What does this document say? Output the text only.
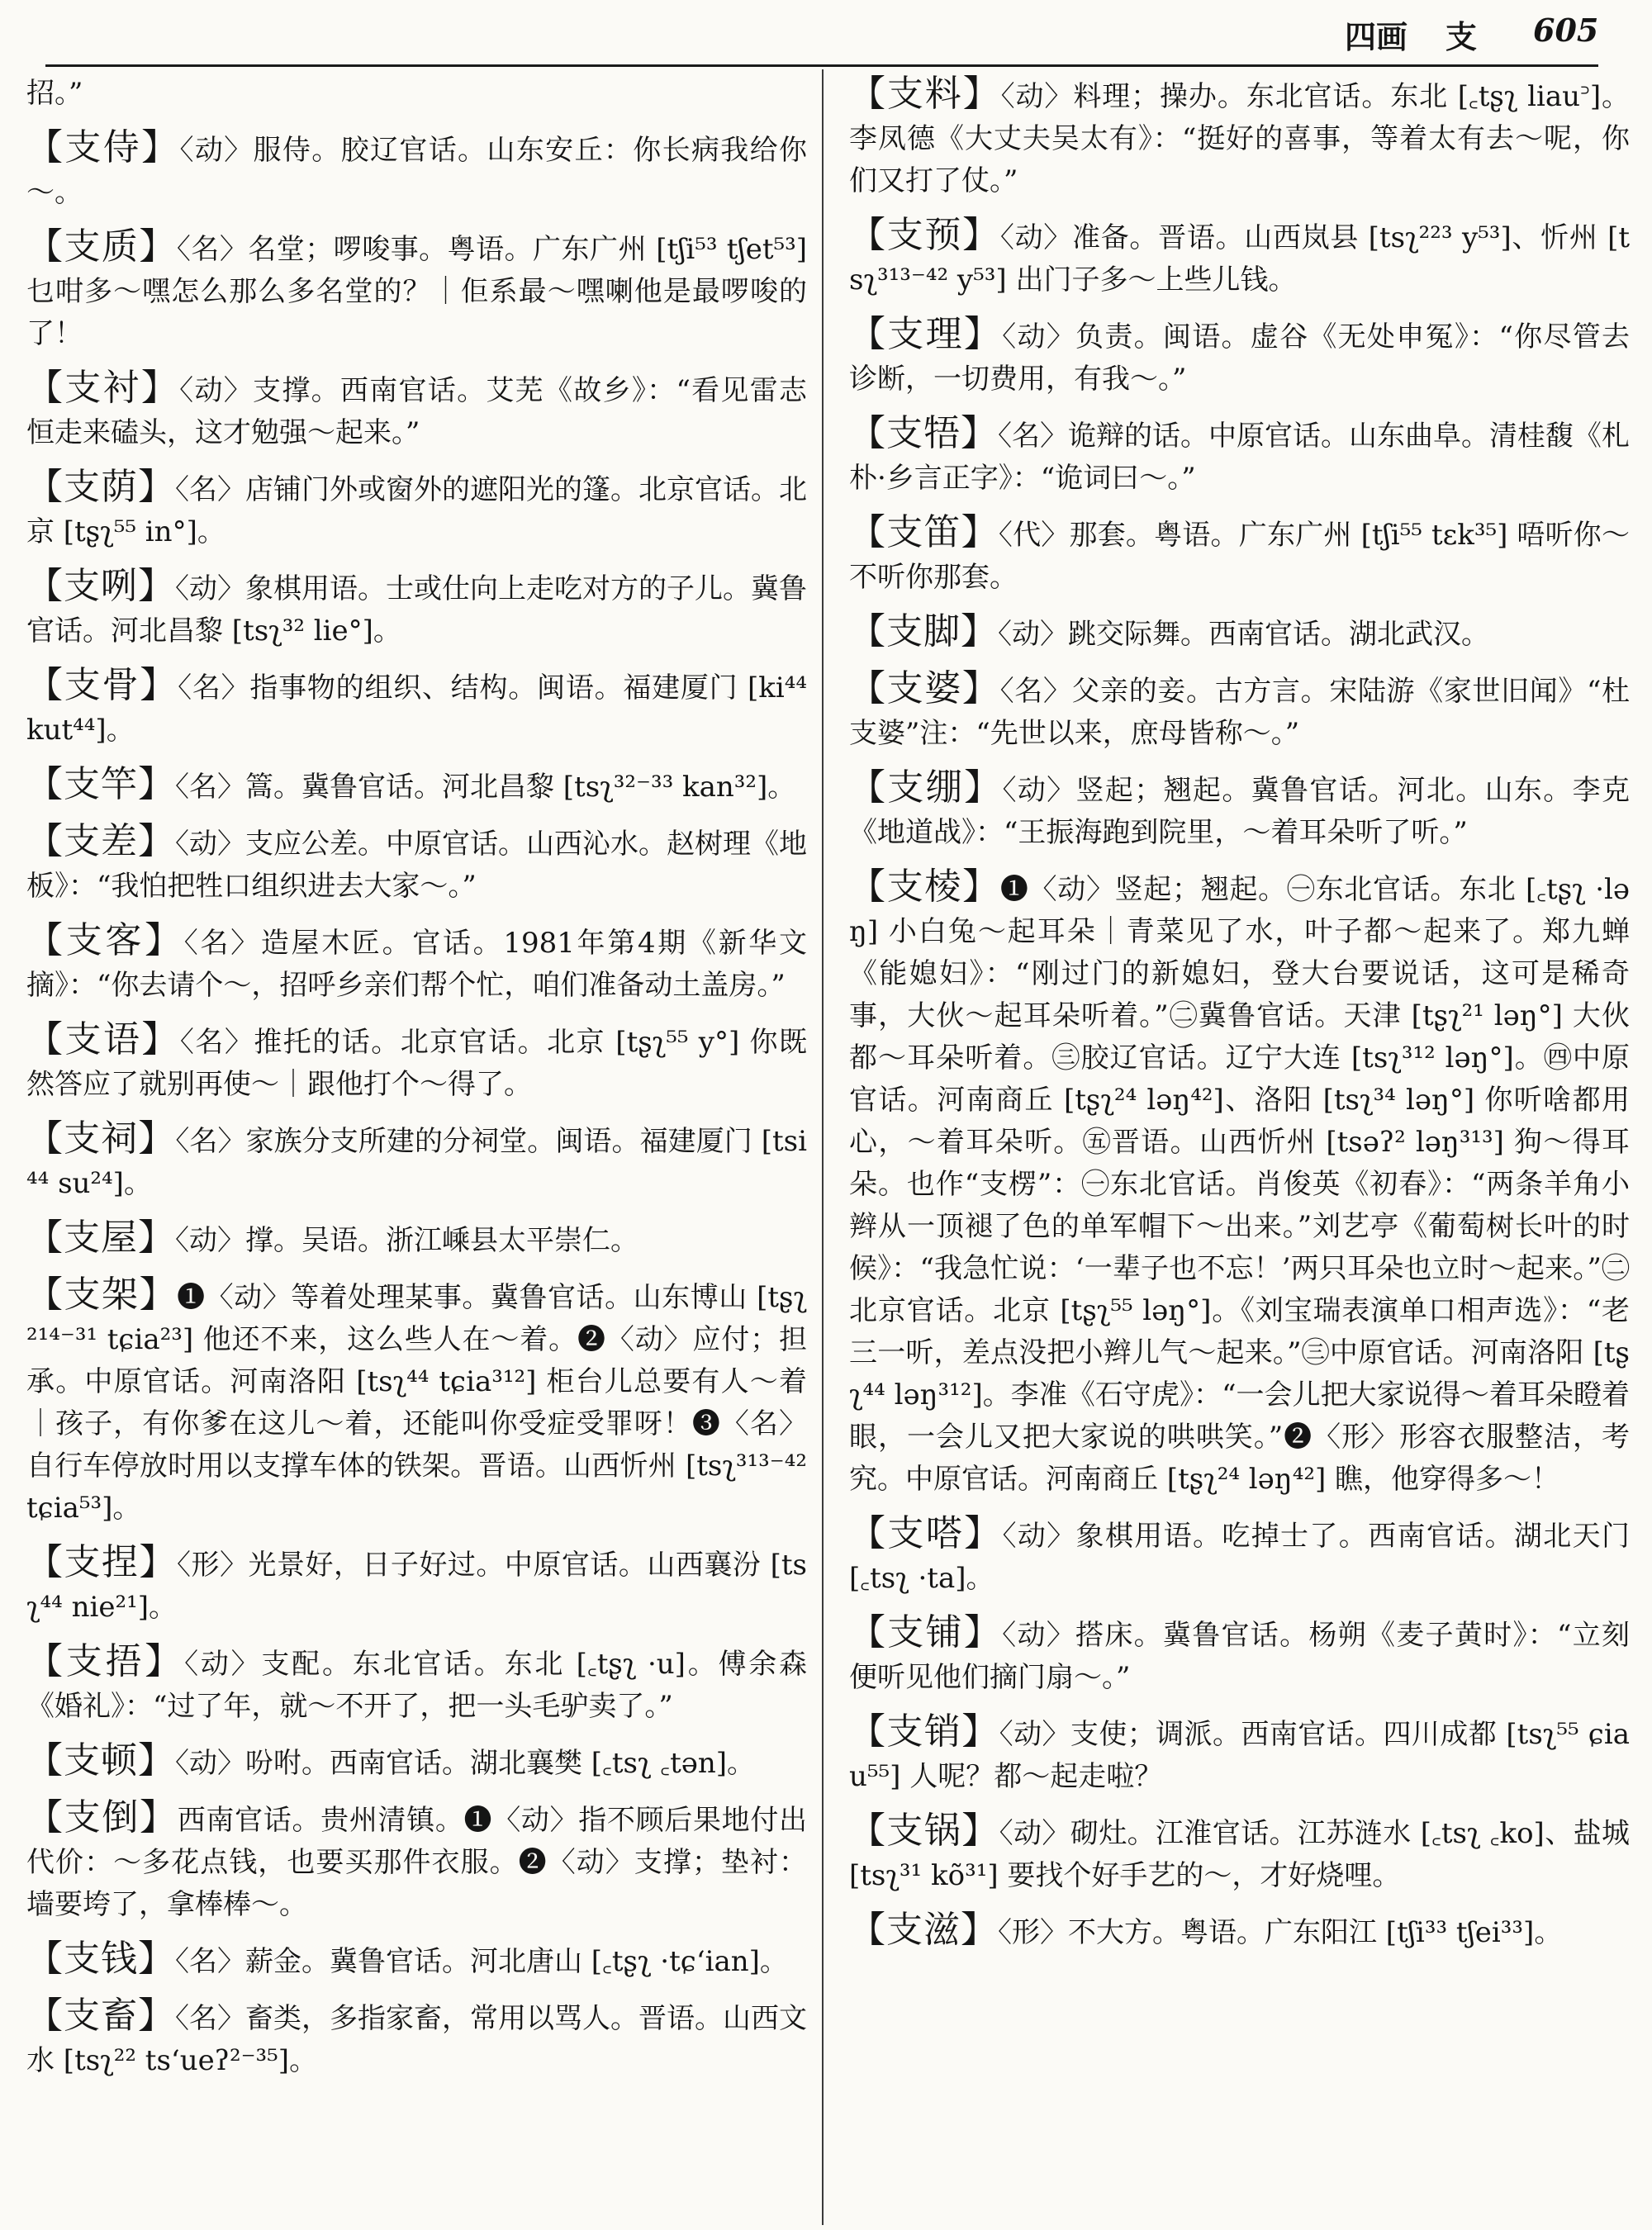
四画 支 605

招。”

【支侍】〈动〉服侍。胶辽官话。山东安丘：你长病我给你～。

【支质】〈名〉名堂；啰唆事。粤语。广东广州 [tʃi⁵³ tʃet⁵³] 乜咁多～嘿怎么那么多名堂的？｜佢系最～嘿喇他是最啰唆的了！

【支衬】〈动〉支撑。西南官话。艾芜《故乡》：“看见雷志恒走来磕头，这才勉强～起来。”

【支荫】〈名〉店铺门外或窗外的遮阳光的篷。北京官话。北京 [tʂʅ⁵⁵ in°]。

【支咧】〈动〉象棋用语。士或仕向上走吃对方的子儿。冀鲁官话。河北昌黎 [tsʅ³² lie°]。

【支骨】〈名〉指事物的组织、结构。闽语。福建厦门 [ki⁴⁴ kut⁴⁴]。

【支竿】〈名〉篙。冀鲁官话。河北昌黎 [tsʅ³²⁻³³ kan³²]。

【支差】〈动〉支应公差。中原官话。山西沁水。赵树理《地板》：“我怕把牲口组织进去大家～。”

【支客】〈名〉造屋木匠。官话。1981年第4期《新华文摘》：“你去请个～，招呼乡亲们帮个忙，咱们准备动土盖房。”

【支语】〈名〉推托的话。北京官话。北京 [tʂʅ⁵⁵ y°] 你既然答应了就别再使～｜跟他打个～得了。

【支祠】〈名〉家族分支所建的分祠堂。闽语。福建厦门 [tsi⁴⁴ su²⁴]。

【支屋】〈动〉撑。吴语。浙江嵊县太平崇仁。

【支架】❶〈动〉等着处理某事。冀鲁官话。山东博山 [tʂʅ²¹⁴⁻³¹ tɕia²³] 他还不来，这么些人在～着。❷〈动〉应付；担承。中原官话。河南洛阳 [tsʅ⁴⁴ tɕia³¹²] 柜台儿总要有人～着｜孩子，有你爹在这儿～着，还能叫你受症受罪呀！❸〈名〉自行车停放时用以支撑车体的铁架。晋语。山西忻州 [tsʅ³¹³⁻⁴² tɕia⁵³]。

【支捏】〈形〉光景好，日子好过。中原官话。山西襄汾 [tsʅ⁴⁴ nie²¹]。

【支捂】〈动〉支配。东北官话。东北 [꜀tʂʅ ·u]。傅余森《婚礼》：“过了年，就～不开了，把一头毛驴卖了。”

【支顿】〈动〉吩咐。西南官话。湖北襄樊 [꜀tsʅ ꜀tən]。

【支倒】西南官话。贵州清镇。❶〈动〉指不顾后果地付出代价：～多花点钱，也要买那件衣服。❷〈动〉支撑；垫衬：墙要垮了，拿棒棒～。

【支钱】〈名〉薪金。冀鲁官话。河北唐山 [꜀tʂʅ ·tɕʻian]。

【支畜】〈名〉畜类，多指家畜，常用以骂人。晋语。山西文水 [tsʅ²² tsʻueʔ²⁻³⁵]。

【支料】〈动〉料理；操办。东北官话。东北 [꜀tʂʅ liau꜄]。李凤德《大丈夫吴太有》：“挺好的喜事，等着太有去～呢，你们又打了仗。”

【支预】〈动〉准备。晋语。山西岚县 [tsʅ²²³ y⁵³]、忻州 [tsʅ³¹³⁻⁴² y⁵³] 出门子多～上些儿钱。

【支理】〈动〉负责。闽语。虚谷《无处申冤》：“你尽管去诊断，一切费用，有我～。”

【支牾】〈名〉诡辩的话。中原官话。山东曲阜。清桂馥《札朴·乡言正字》：“诡词曰～。”

【支笛】〈代〉那套。粤语。广东广州 [tʃi⁵⁵ tɛk³⁵] 唔听你～不听你那套。

【支脚】〈动〉跳交际舞。西南官话。湖北武汉。

【支婆】〈名〉父亲的妾。古方言。宋陆游《家世旧闻》“杜支婆”注：“先世以来，庶母皆称～。”

【支绷】〈动〉竖起；翘起。冀鲁官话。河北。山东。李克《地道战》：“王振海跑到院里，～着耳朵听了听。”

【支棱】❶〈动〉竖起；翘起。㊀东北官话。东北 [꜀tʂʅ ·ləŋ] 小白兔～起耳朵｜青菜见了水，叶子都～起来了。郑九蝉《能媳妇》：“刚过门的新媳妇，登大台要说话，这可是稀奇事，大伙～起耳朵听着。”㊁冀鲁官话。天津 [tʂʅ²¹ ləŋ°] 大伙都～耳朵听着。㊂胶辽官话。辽宁大连 [tsʅ³¹² ləŋ°]。㊃中原官话。河南商丘 [tʂʅ²⁴ ləŋ⁴²]、洛阳 [tsʅ³⁴ ləŋ°] 你听啥都用心，～着耳朵听。㊄晋语。山西忻州 [tsəʔ² ləŋ³¹³] 狗～得耳朵。也作“支楞”：㊀东北官话。肖俊英《初春》：“两条羊角小辫从一顶褪了色的单军帽下～出来。”刘艺亭《葡萄树长叶的时候》：“我急忙说：‘一辈子也不忘！’两只耳朵也立时～起来。”㊁北京官话。北京 [tʂʅ⁵⁵ ləŋ°]。《刘宝瑞表演单口相声选》：“老三一听，差点没把小辫儿气～起来。”㊂中原官话。河南洛阳 [tʂʅ⁴⁴ ləŋ³¹²]。李准《石守虎》：“一会儿把大家说得～着耳朵瞪着眼，一会儿又把大家说的哄哄笑。”❷〈形〉形容衣服整洁，考究。中原官话。河南商丘 [tʂʅ²⁴ ləŋ⁴²] 瞧，他穿得多～！

【支嗒】〈动〉象棋用语。吃掉士了。西南官话。湖北天门 [꜀tsʅ ·ta]。

【支铺】〈动〉搭床。冀鲁官话。杨朔《麦子黄时》：“立刻便听见他们摘门扇～。”

【支销】〈动〉支使；调派。西南官话。四川成都 [tsʅ⁵⁵ ɕiau⁵⁵] 人呢？都～起走啦？

【支锅】〈动〉砌灶。江淮官话。江苏涟水 [꜀tsʅ ꜀ko]、盐城 [tsʅ³¹ kõ³¹] 要找个好手艺的～，才好烧哩。

【支滋】〈形〉不大方。粤语。广东阳江 [tʃi³³ tʃei³³]。
